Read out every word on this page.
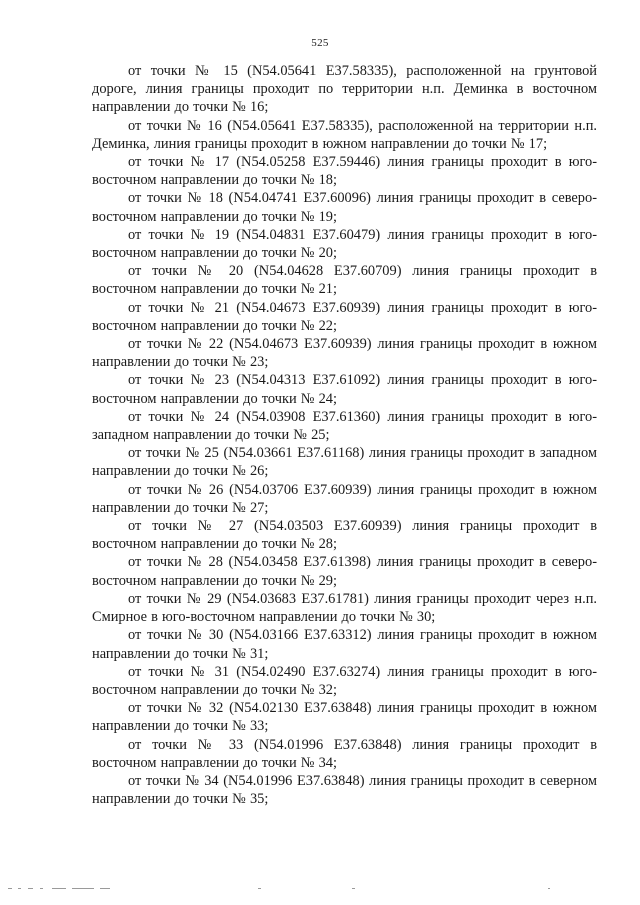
525

от точки № 15 (N54.05641 E37.58335), расположенной на грунтовой дороге, линия границы проходит по территории н.п. Деминка в восточном направлении до точки № 16;

от точки № 16 (N54.05641 E37.58335), расположенной на территории н.п. Деминка, линия границы проходит в южном направлении до точки № 17;

от точки № 17 (N54.05258 E37.59446) линия границы проходит в юго-восточном направлении до точки № 18;

от точки № 18 (N54.04741 E37.60096) линия границы проходит в северо-восточном направлении до точки № 19;

от точки № 19 (N54.04831 E37.60479) линия границы проходит в юго-восточном направлении до точки № 20;

от точки № 20 (N54.04628 E37.60709) линия границы проходит в восточном направлении до точки № 21;

от точки № 21 (N54.04673 E37.60939) линия границы проходит в юго-восточном направлении до точки № 22;

от точки № 22 (N54.04673 E37.60939) линия границы проходит в южном направлении до точки № 23;

от точки № 23 (N54.04313 E37.61092) линия границы проходит в юго-восточном направлении до точки № 24;

от точки № 24 (N54.03908 E37.61360) линия границы проходит в юго-западном направлении до точки № 25;

от точки № 25 (N54.03661 E37.61168) линия границы проходит в западном направлении до точки № 26;

от точки № 26 (N54.03706 E37.60939) линия границы проходит в южном направлении до точки № 27;

от точки № 27 (N54.03503 E37.60939) линия границы проходит в восточном направлении до точки № 28;

от точки № 28 (N54.03458 E37.61398) линия границы проходит в северо-восточном направлении до точки № 29;

от точки № 29 (N54.03683 E37.61781) линия границы проходит через н.п. Смирное в юго-восточном направлении до точки № 30;

от точки № 30 (N54.03166 E37.63312) линия границы проходит в южном направлении до точки № 31;

от точки № 31 (N54.02490 E37.63274) линия границы проходит в юго-восточном направлении до точки № 32;

от точки № 32 (N54.02130 E37.63848) линия границы проходит в южном направлении до точки № 33;

от точки № 33 (N54.01996 E37.63848) линия границы проходит в восточном направлении до точки № 34;

от точки № 34 (N54.01996 E37.63848) линия границы проходит в северном направлении до точки № 35;
